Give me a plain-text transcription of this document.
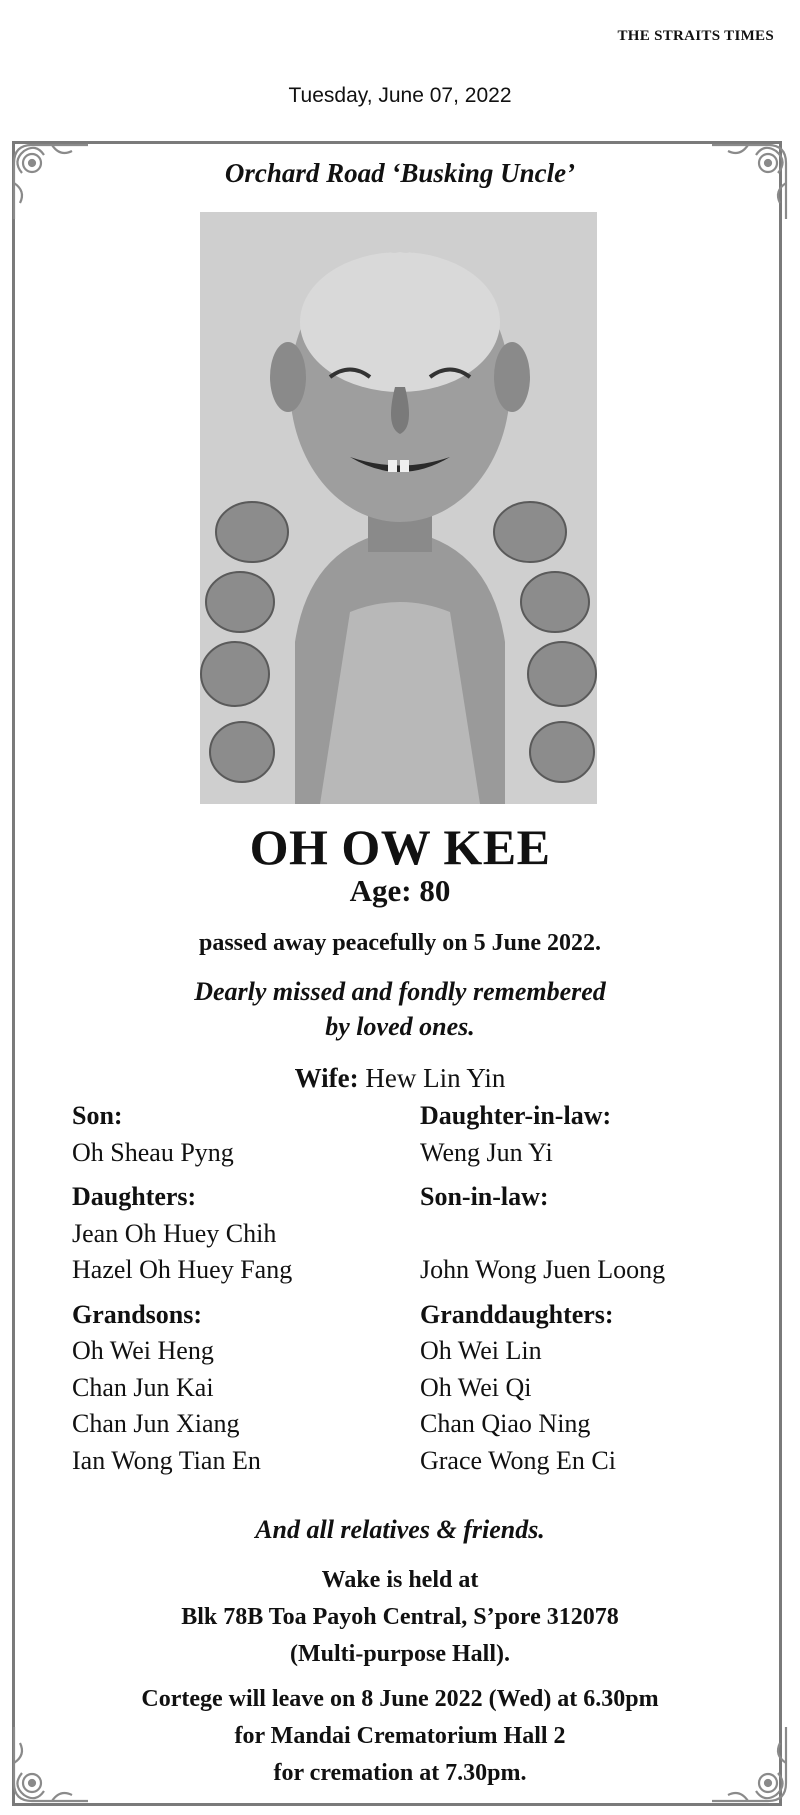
THE STRAITS TIMES
Tuesday, June 07, 2022
Orchard Road ‘Busking Uncle’
OH OW KEE
Age: 80
passed away peacefully on 5 June 2022.
Dearly missed and fondly remembered
by loved ones.
Wife: Hew Lin Yin
Son:
Oh Sheau Pyng
Daughters:
Jean Oh Huey Chih
Hazel Oh Huey Fang
Grandsons:
Oh Wei Heng
Chan Jun Kai
Chan Jun Xiang
Ian Wong Tian En
Daughter-in-law:
Weng Jun Yi
Son-in-law:
John Wong Juen Loong
Granddaughters:
Oh Wei Lin
Oh Wei Qi
Chan Qiao Ning
Grace Wong En Ci
And all relatives & friends.
Wake is held at
Blk 78B Toa Payoh Central, S’pore 312078
(Multi-purpose Hall).
Cortege will leave on 8 June 2022 (Wed) at 6.30pm
for Mandai Crematorium Hall 2
for cremation at 7.30pm.
